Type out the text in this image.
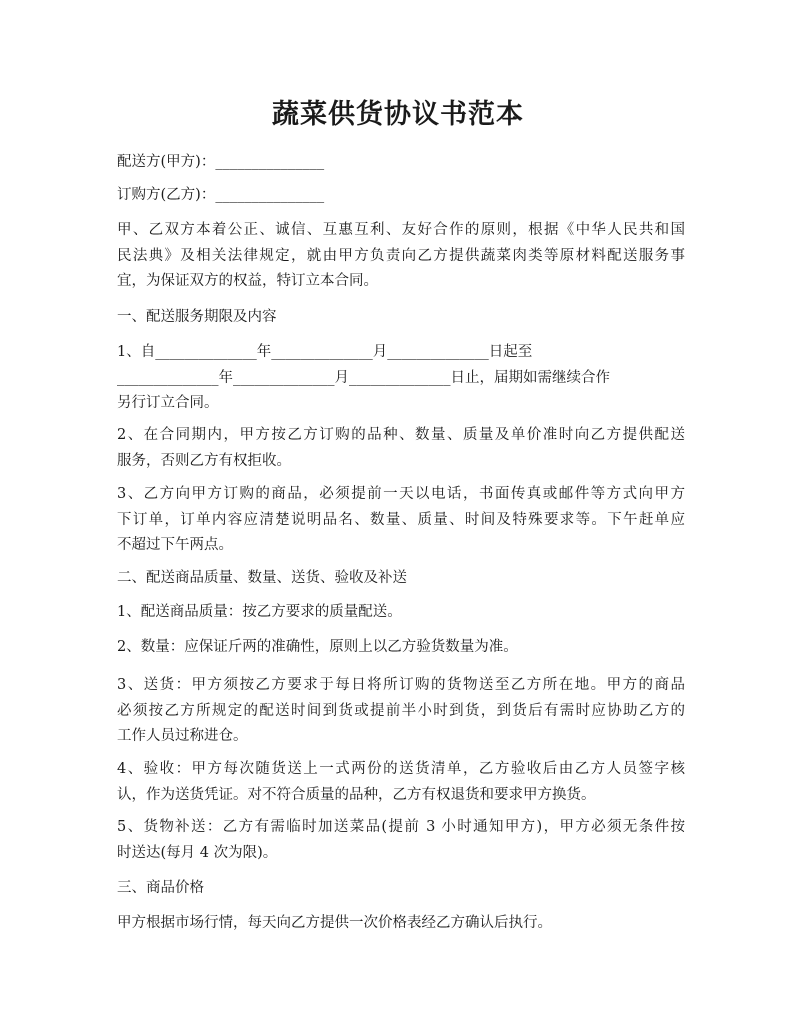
蔬菜供货协议书范本

配送方(甲方)：_______________

订购方(乙方)：_______________

甲、乙双方本着公正、诚信、互惠互利、友好合作的原则，根据《中华人民共和国
民法典》及相关法律规定，就由甲方负责向乙方提供蔬菜肉类等原材料配送服务事
宜，为保证双方的权益，特订立本合同。

一、配送服务期限及内容

1、自______________年______________月______________日起至
______________年______________月______________日止，届期如需继续合作
另行订立合同。
2、在合同期内，甲方按乙方订购的品种、数量、质量及单价准时向乙方提供配送
服务，否则乙方有权拒收。
3、乙方向甲方订购的商品，必须提前一天以电话，书面传真或邮件等方式向甲方
下订单，订单内容应清楚说明品名、数量、质量、时间及特殊要求等。下午赶单应
不超过下午两点。

二、配送商品质量、数量、送货、验收及补送

1、配送商品质量：按乙方要求的质量配送。

2、数量：应保证斤两的准确性，原则上以乙方验货数量为准。

3、送货：甲方须按乙方要求于每日将所订购的货物送至乙方所在地。甲方的商品
必须按乙方所规定的配送时间到货或提前半小时到货，到货后有需时应协助乙方的
工作人员过称进仓。
4、验收：甲方每次随货送上一式两份的送货清单，乙方验收后由乙方人员签字核
认，作为送货凭证。对不符合质量的品种，乙方有权退货和要求甲方换货。
5、货物补送：乙方有需临时加送菜品(提前 3 小时通知甲方)，甲方必须无条件按
时送达(每月 4 次为限)。

三、商品价格

甲方根据市场行情，每天向乙方提供一次价格表经乙方确认后执行。
